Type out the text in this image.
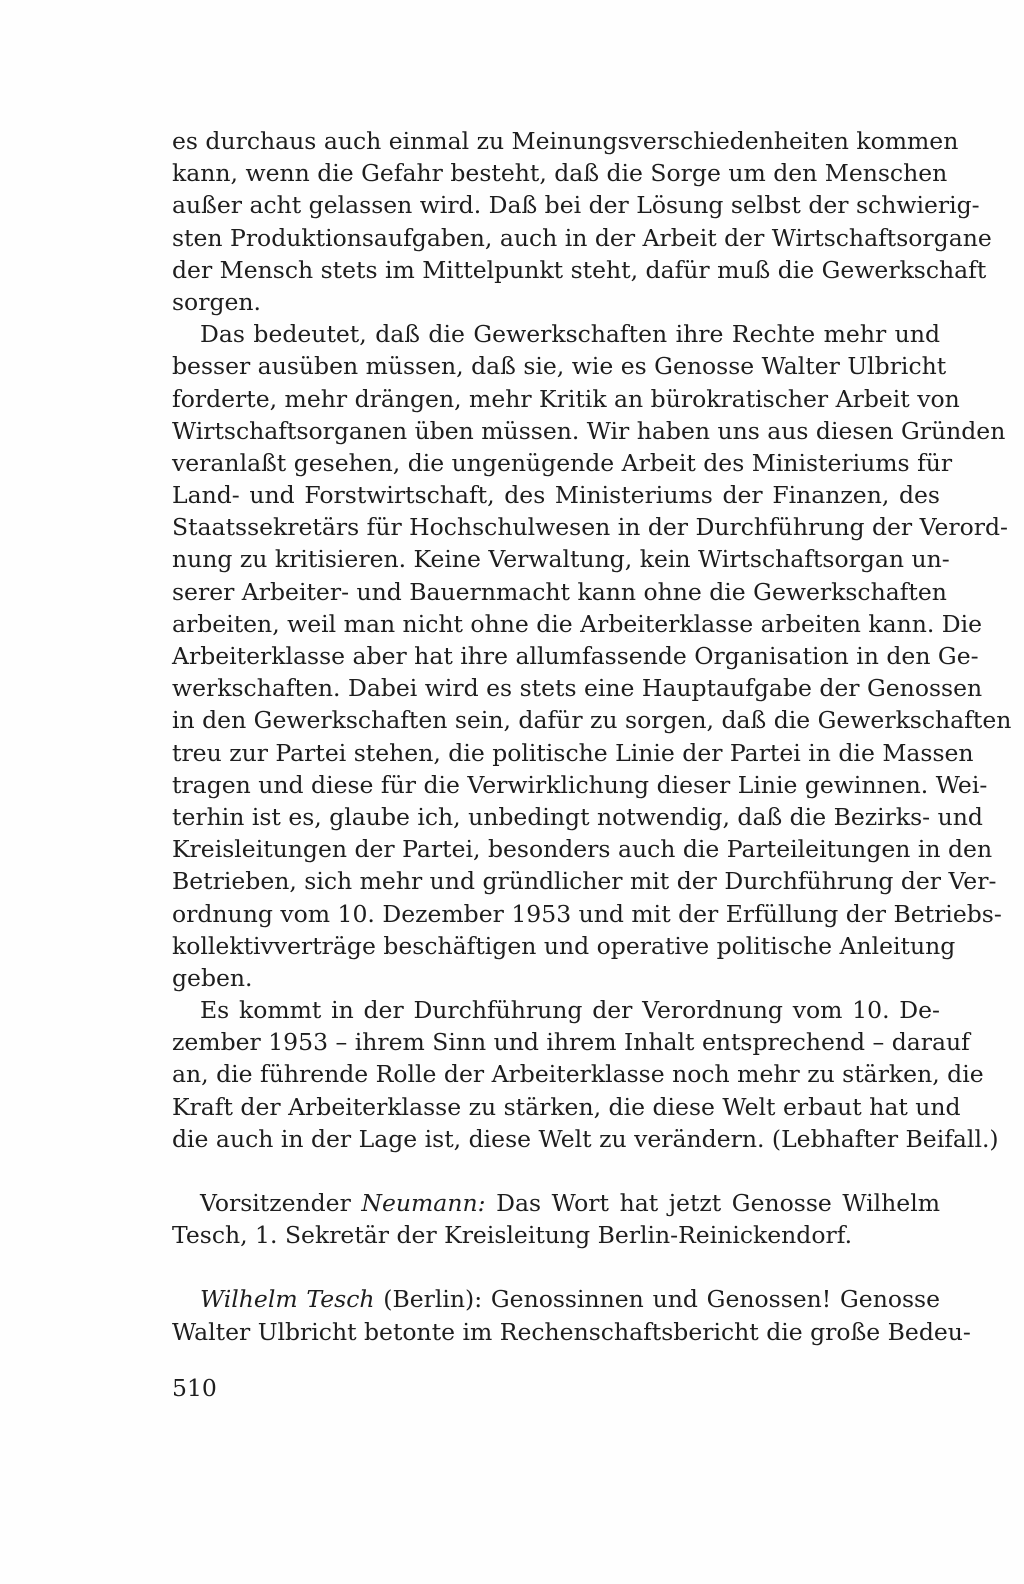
es durchaus auch einmal zu Meinungsverschiedenheiten kommen
kann, wenn die Gefahr besteht, daß die Sorge um den Menschen
außer acht gelassen wird. Daß bei der Lösung selbst der schwierig-
sten Produktionsaufgaben, auch in der Arbeit der Wirtschaftsorgane
der Mensch stets im Mittelpunkt steht, dafür muß die Gewerkschaft
sorgen.
Das bedeutet, daß die Gewerkschaften ihre Rechte mehr und
besser ausüben müssen, daß sie, wie es Genosse Walter Ulbricht
forderte, mehr drängen, mehr Kritik an bürokratischer Arbeit von
Wirtschaftsorganen üben müssen. Wir haben uns aus diesen Gründen
veranlaßt gesehen, die ungenügende Arbeit des Ministeriums für
Land- und Forstwirtschaft, des Ministeriums der Finanzen, des
Staatssekretärs für Hochschulwesen in der Durchführung der Verord-
nung zu kritisieren. Keine Verwaltung, kein Wirtschaftsorgan un-
serer Arbeiter- und Bauernmacht kann ohne die Gewerkschaften
arbeiten, weil man nicht ohne die Arbeiterklasse arbeiten kann. Die
Arbeiterklasse aber hat ihre allumfassende Organisation in den Ge-
werkschaften. Dabei wird es stets eine Hauptaufgabe der Genossen
in den Gewerkschaften sein, dafür zu sorgen, daß die Gewerkschaften
treu zur Partei stehen, die politische Linie der Partei in die Massen
tragen und diese für die Verwirklichung dieser Linie gewinnen. Wei-
terhin ist es, glaube ich, unbedingt notwendig, daß die Bezirks- und
Kreisleitungen der Partei, besonders auch die Parteileitungen in den
Betrieben, sich mehr und gründlicher mit der Durchführung der Ver-
ordnung vom 10. Dezember 1953 und mit der Erfüllung der Betriebs-
kollektivverträge beschäftigen und operative politische Anleitung
geben.
Es kommt in der Durchführung der Verordnung vom 10. De-
zember 1953 – ihrem Sinn und ihrem Inhalt entsprechend – darauf
an, die führende Rolle der Arbeiterklasse noch mehr zu stärken, die
Kraft der Arbeiterklasse zu stärken, die diese Welt erbaut hat und
die auch in der Lage ist, diese Welt zu verändern. (Lebhafter Beifall.)
Vorsitzender Neumann: Das Wort hat jetzt Genosse Wilhelm
Tesch, 1. Sekretär der Kreisleitung Berlin-Reinickendorf.
Wilhelm Tesch (Berlin): Genossinnen und Genossen! Genosse
Walter Ulbricht betonte im Rechenschaftsbericht die große Bedeu-
510
